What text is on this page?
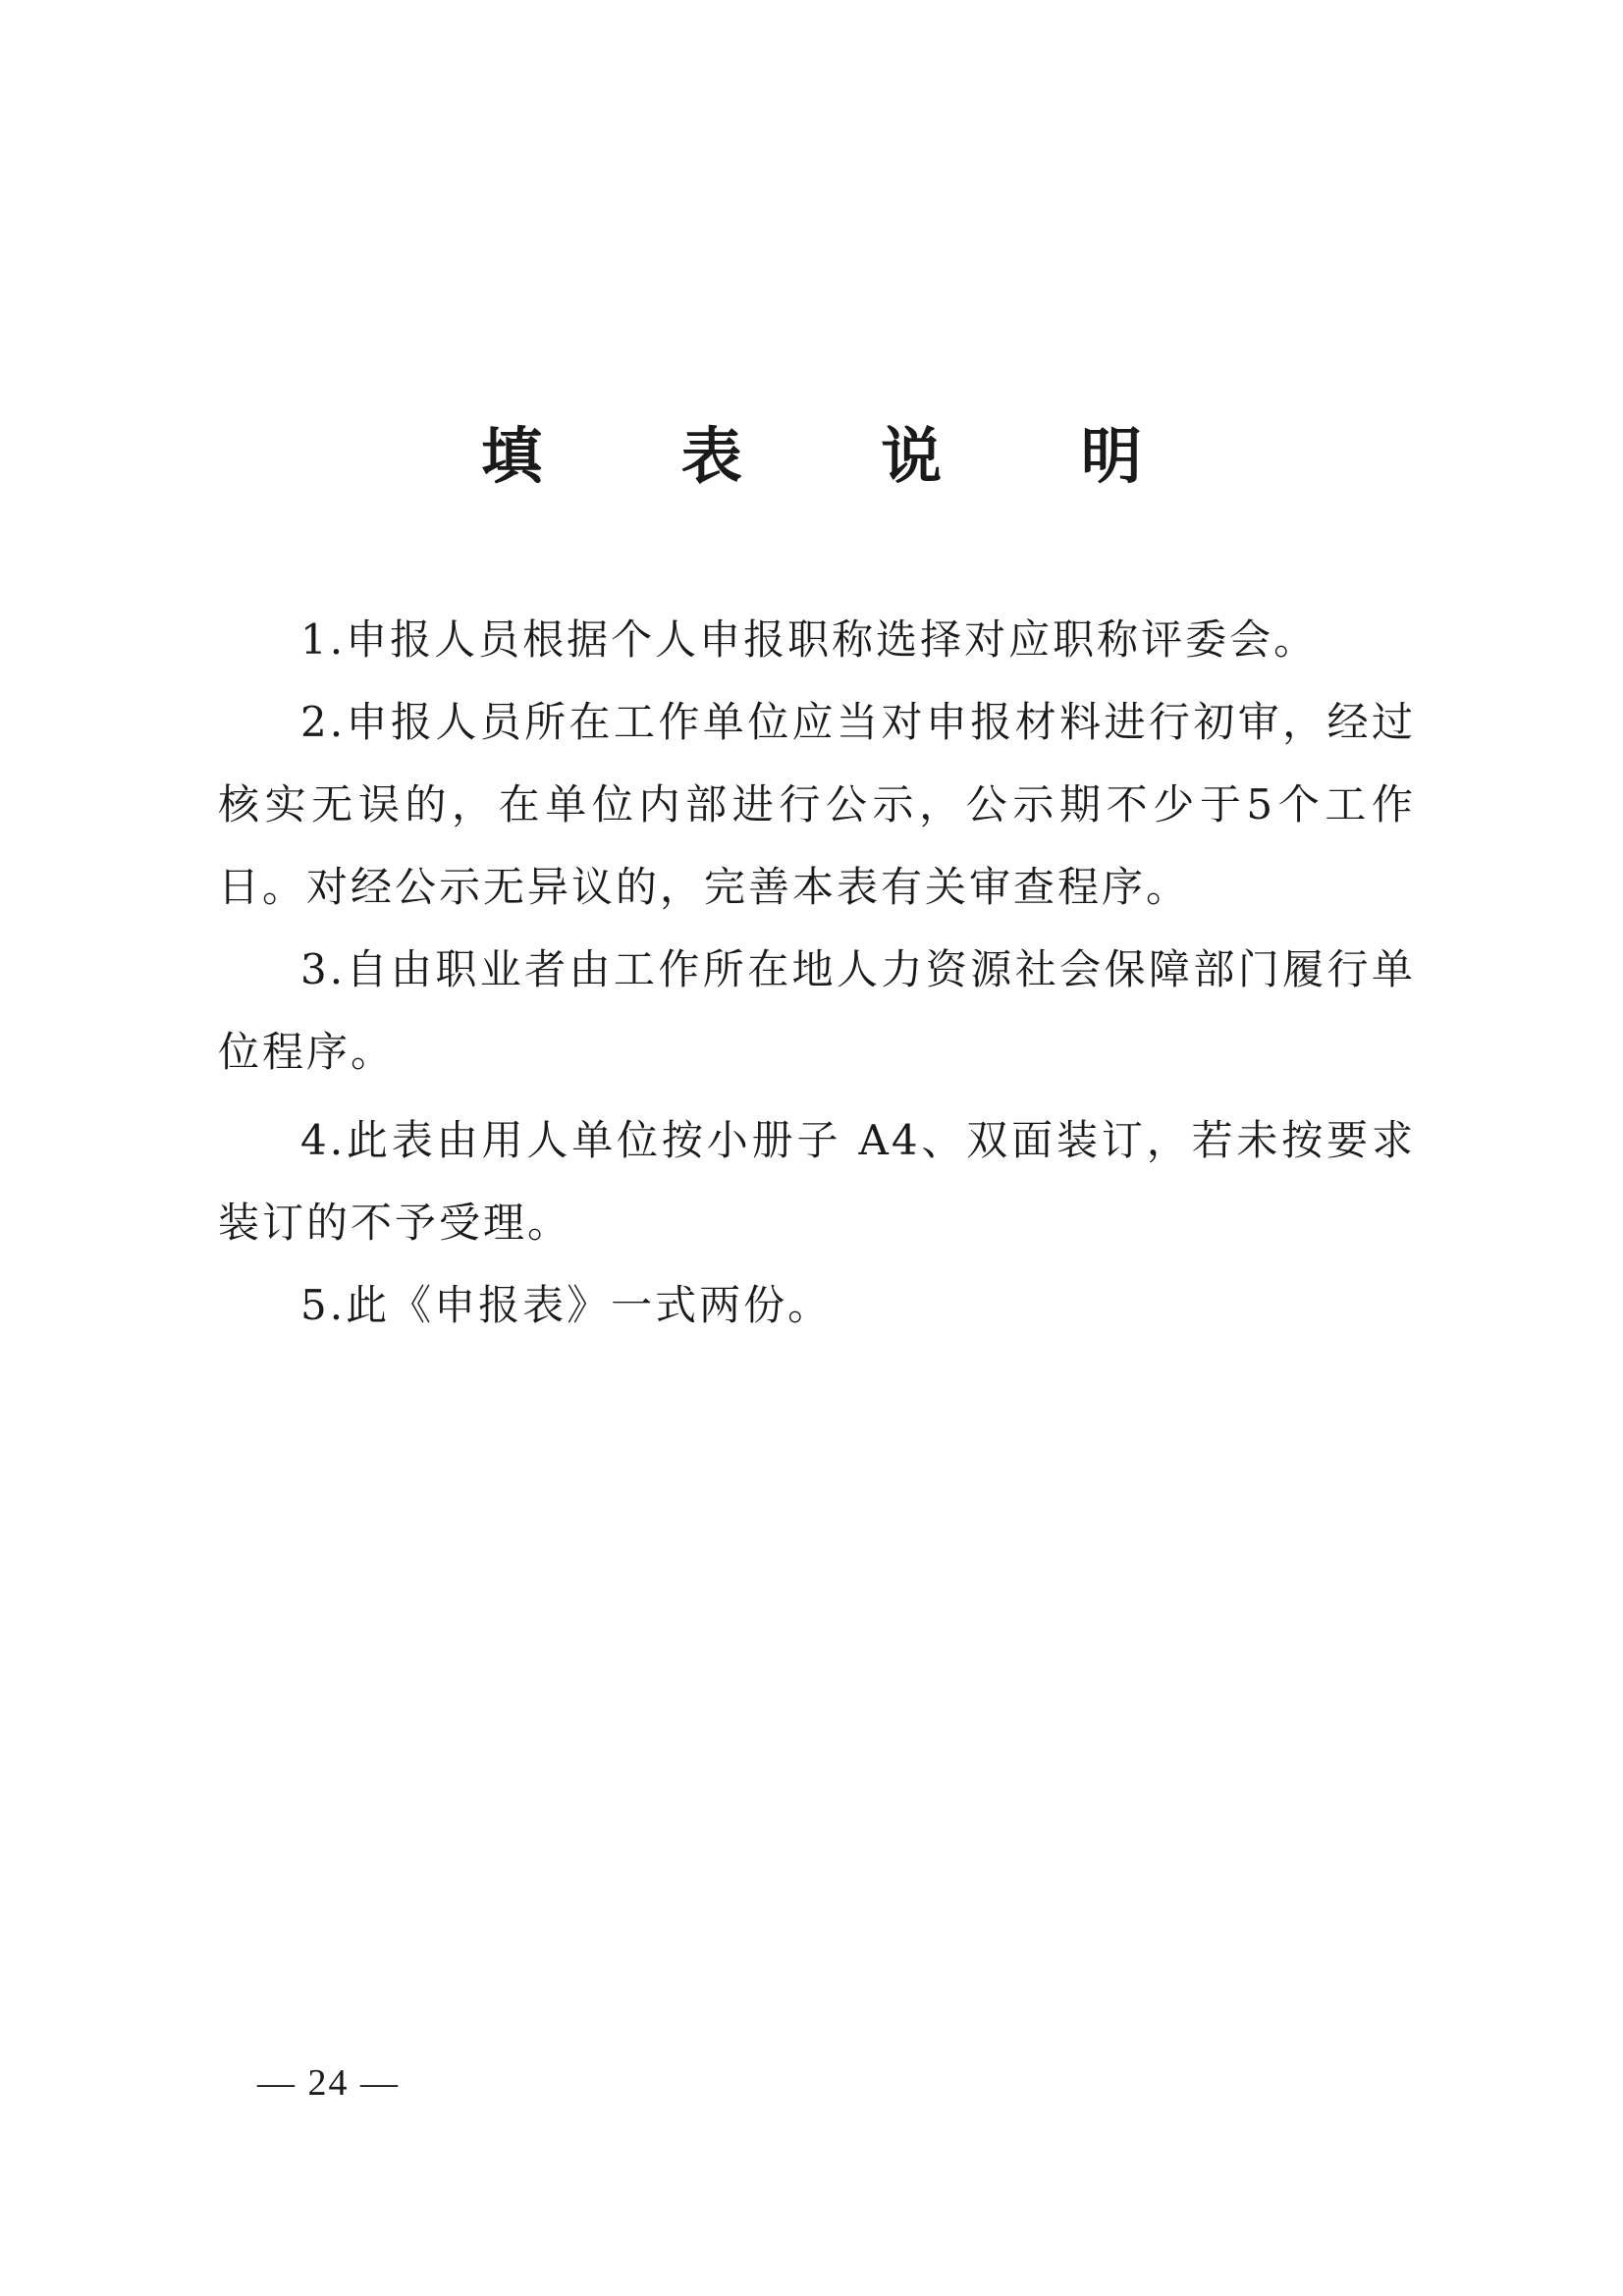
填 表 说 明

1.申报人员根据个人申报职称选择对应职称评委会。

2.申报人员所在工作单位应当对申报材料进行初审，经过核实无误的，在单位内部进行公示，公示期不少于5个工作日。对经公示无异议的，完善本表有关审查程序。

3.自由职业者由工作所在地人力资源社会保障部门履行单位程序。

4.此表由用人单位按小册子 A4、双面装订，若未按要求装订的不予受理。

5.此《申报表》一式两份。

— 24 —
